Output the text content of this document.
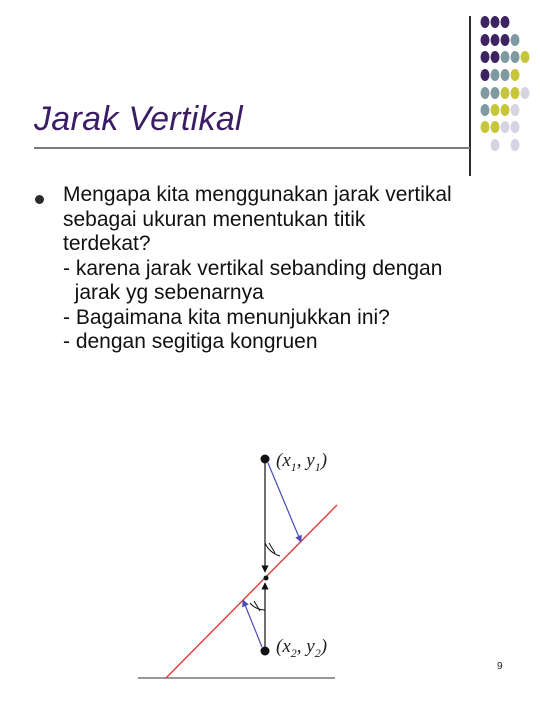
Jarak Vertikal
Mengapa kita menggunakan jarak vertikal
sebagai ukuran menentukan titik
terdekat?
- karena jarak vertikal sebanding dengan
jarak yg sebenarnya
- Bagaimana kita menunjukkan ini?
- dengan segitiga kongruen
($x_1$, $y_1$)
($x_2$, $y_2$)
9
